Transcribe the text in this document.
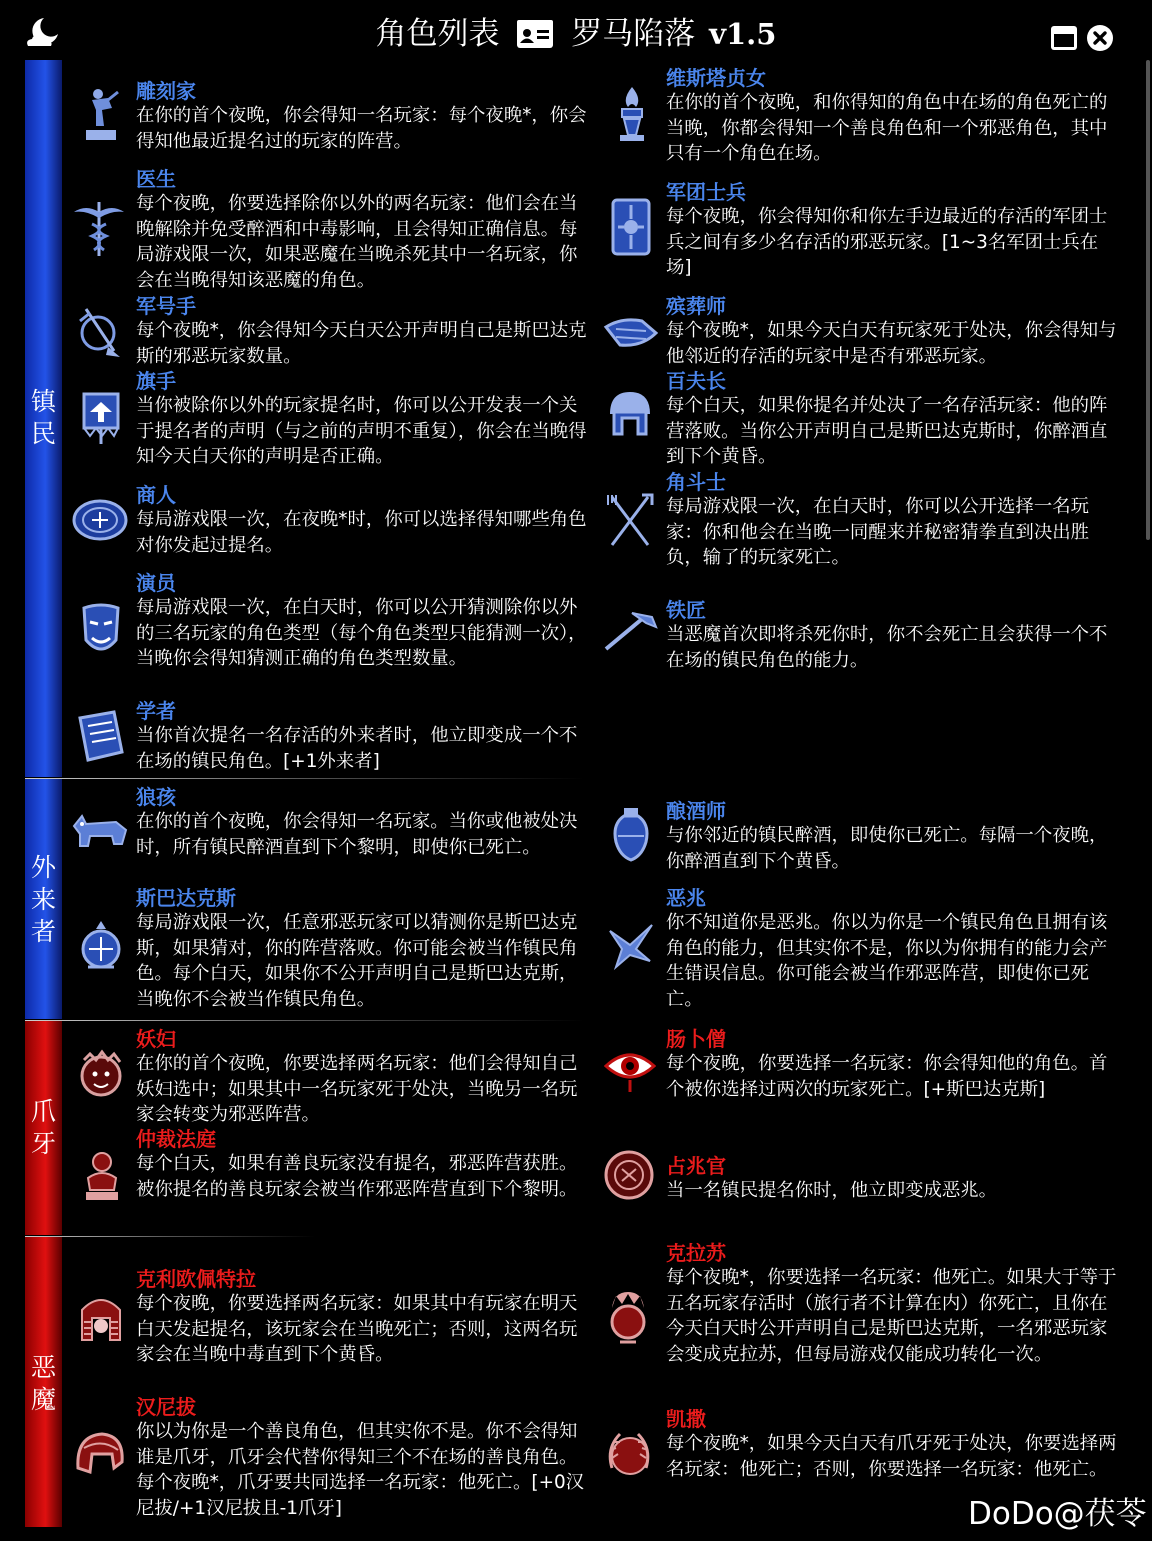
角色列表 罗马陷落 v1.5
镇
民
外
来
者
爪
牙
恶
魔
雕刻家
在你的首个夜晚，你会得知一名玩家：每个夜晚*，你会得知他最近提名过的玩家的阵营。
医生
每个夜晚，你要选择除你以外的两名玩家：他们会在当晚解除并免受醉酒和中毒影响，且会得知正确信息。每局游戏限一次，如果恶魔在当晚杀死其中一名玩家，你会在当晚得知该恶魔的角色。
军号手
每个夜晚*，你会得知今天白天公开声明自己是斯巴达克斯的邪恶玩家数量。
旗手
当你被除你以外的玩家提名时，你可以公开发表一个关于提名者的声明（与之前的声明不重复），你会在当晚得知今天白天你的声明是否正确。
商人
每局游戏限一次，在夜晚*时，你可以选择得知哪些角色对你发起过提名。
演员
每局游戏限一次，在白天时，你可以公开猜测除你以外的三名玩家的角色类型（每个角色类型只能猜测一次），当晚你会得知猜测正确的角色类型数量。
学者
当你首次提名一名存活的外来者时，他立即变成一个不在场的镇民角色。[+1外来者]
狼孩
在你的首个夜晚，你会得知一名玩家。当你或他被处决时，所有镇民醉酒直到下个黎明，即使你已死亡。
斯巴达克斯
每局游戏限一次，任意邪恶玩家可以猜测你是斯巴达克斯，如果猜对，你的阵营落败。你可能会被当作镇民角色。每个白天，如果你不公开声明自己是斯巴达克斯，当晚你不会被当作镇民角色。
妖妇
在你的首个夜晚，你要选择两名玩家：他们会得知自己妖妇选中；如果其中一名玩家死于处决，当晚另一名玩家会转变为邪恶阵营。
仲裁法庭
每个白天，如果有善良玩家没有提名，邪恶阵营获胜。被你提名的善良玩家会被当作邪恶阵营直到下个黎明。
克利欧佩特拉
每个夜晚，你要选择两名玩家：如果其中有玩家在明天白天发起提名，该玩家会在当晚死亡；否则，这两名玩家会在当晚中毒直到下个黄昏。
汉尼拔
你以为你是一个善良角色，但其实你不是。你不会得知谁是爪牙，爪牙会代替你得知三个不在场的善良角色。每个夜晚*，爪牙要共同选择一名玩家：他死亡。[+0汉尼拔/+1汉尼拔且-1爪牙]
维斯塔贞女
在你的首个夜晚，和你得知的角色中在场的角色死亡的当晚，你都会得知一个善良角色和一个邪恶角色，其中只有一个角色在场。
军团士兵
每个夜晚，你会得知你和你左手边最近的存活的军团士兵之间有多少名存活的邪恶玩家。[1~3名军团士兵在场]
殡葬师
每个夜晚*，如果今天白天有玩家死于处决，你会得知与他邻近的存活的玩家中是否有邪恶玩家。
百夫长
每个白天，如果你提名并处决了一名存活玩家：他的阵营落败。当你公开声明自己是斯巴达克斯时，你醉酒直到下个黄昏。
角斗士
每局游戏限一次，在白天时，你可以公开选择一名玩家：你和他会在当晚一同醒来并秘密猜拳直到决出胜负，输了的玩家死亡。
铁匠
当恶魔首次即将杀死你时，你不会死亡且会获得一个不在场的镇民角色的能力。
酿酒师
与你邻近的镇民醉酒，即使你已死亡。每隔一个夜晚，你醉酒直到下个黄昏。
恶兆
你不知道你是恶兆。你以为你是一个镇民角色且拥有该角色的能力，但其实你不是，你以为你拥有的能力会产生错误信息。你可能会被当作邪恶阵营，即使你已死亡。
肠卜僧
每个夜晚，你要选择一名玩家：你会得知他的角色。首个被你选择过两次的玩家死亡。[+斯巴达克斯]
占兆官
当一名镇民提名你时，他立即变成恶兆。
克拉苏
每个夜晚*，你要选择一名玩家：他死亡。如果大于等于五名玩家存活时（旅行者不计算在内）你死亡，且你在今天白天时公开声明自己是斯巴达克斯，一名邪恶玩家会变成克拉苏，但每局游戏仅能成功转化一次。
凯撒
每个夜晚*，如果今天白天有爪牙死于处决，你要选择两名玩家：他死亡；否则，你要选择一名玩家：他死亡。
DoDo@茯苓
